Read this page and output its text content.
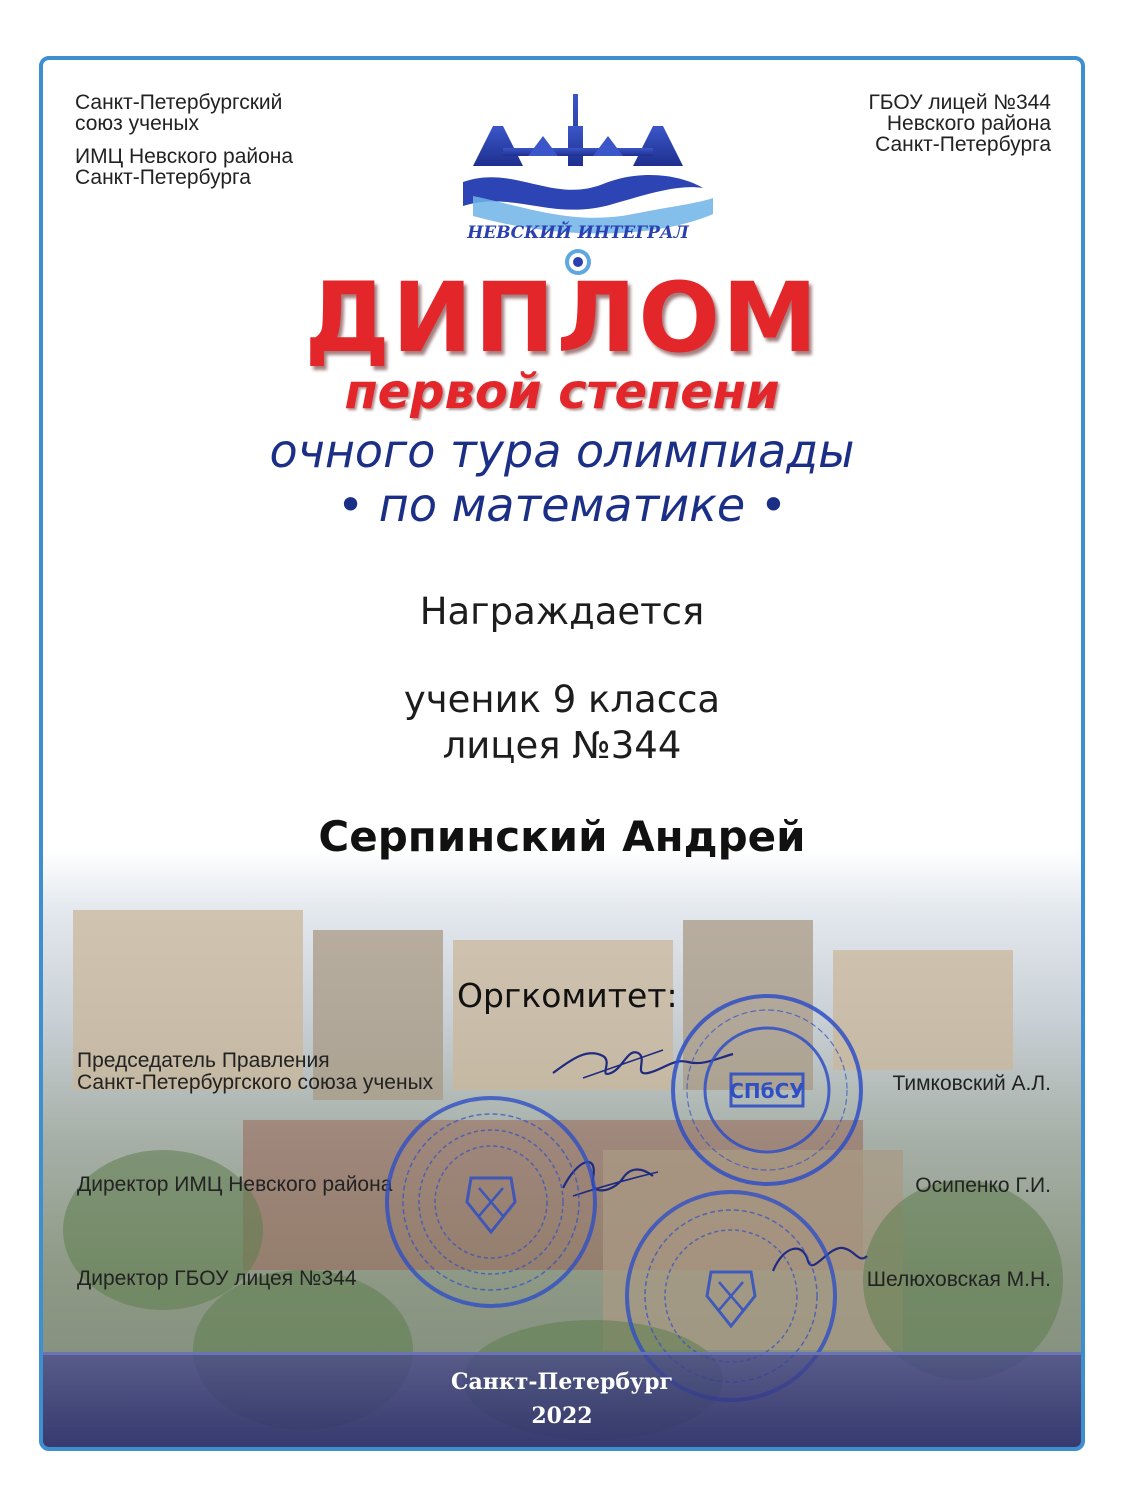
Санкт-Петербургский
союз ученых
ИМЦ Невского района
Санкт-Петербурга
ГБОУ лицей №344
Невского района
Санкт-Петербурга
НЕВСКИЙ ИНТЕГРАЛ
ДИПЛОМ
первой степени
очного тура олимпиады
• по математике •
Награждается
ученик 9 класса
лицея №344
Серпинский Андрей
Оргкомитет:
Председатель Правления
Санкт-Петербургского союза ученых	Тимковский А.Л.
Директор ИМЦ Невского района	Осипенко Г.И.
Директор ГБОУ лицея №344	Шелюховская М.Н.
СПбСУ
Санкт-Петербург
2022
